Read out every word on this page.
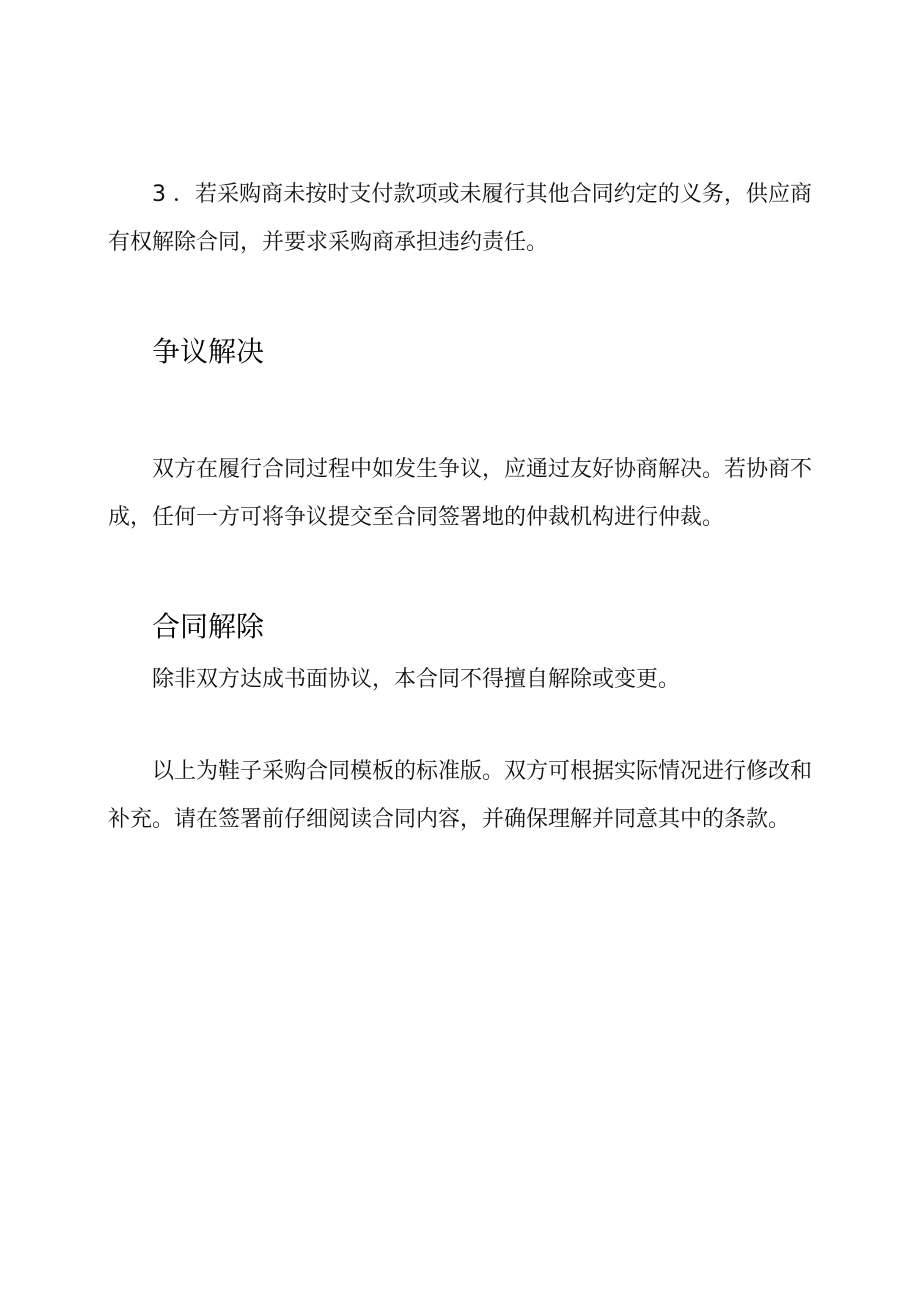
3 ．若采购商未按时支付款项或未履行其他合同约定的义务，供应商有权解除合同，并要求采购商承担违约责任。

争议解决

双方在履行合同过程中如发生争议，应通过友好协商解决。若协商不成，任何一方可将争议提交至合同签署地的仲裁机构进行仲裁。

合同解除

除非双方达成书面协议，本合同不得擅自解除或变更。

以上为鞋子采购合同模板的标准版。双方可根据实际情况进行修改和补充。请在签署前仔细阅读合同内容，并确保理解并同意其中的条款。
